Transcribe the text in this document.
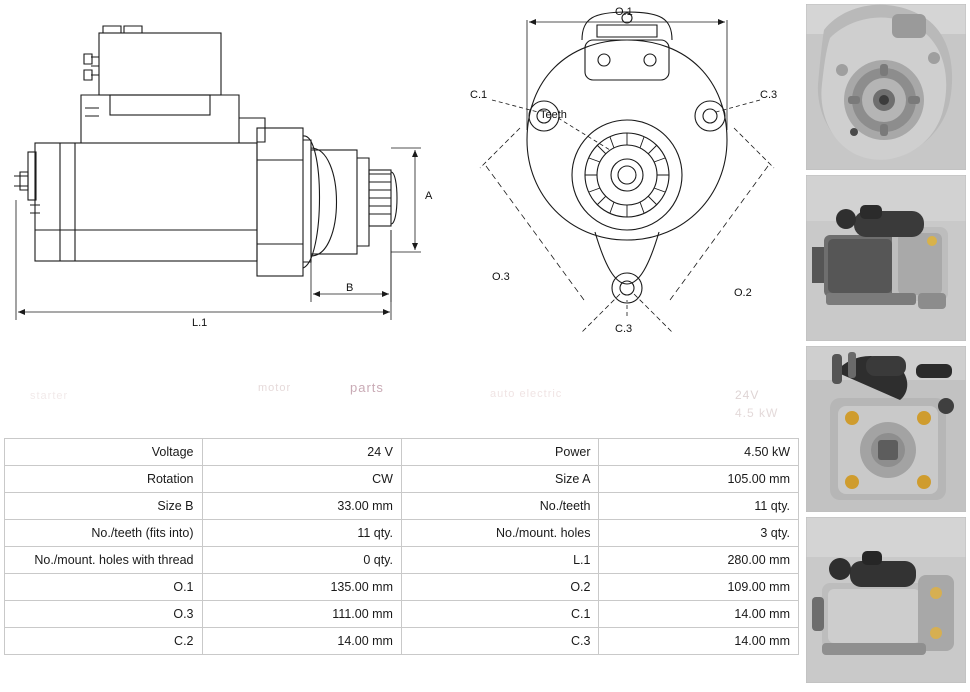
A
B
L.1
O.1
O.3
O.2
C.1	C.3
C.3
Teeth
starter
motor	parts	auto electric	24V
4.5 kW
Voltage	24 V	Power	4.50 kW
Rotation	CW	Size A	105.00 mm
Size B	33.00 mm	No./teeth	11 qty.
No./teeth (fits into)	11 qty.	No./mount. holes	3 qty.
No./mount. holes with thread	0 qty.	L.1	280.00 mm
O.1	135.00 mm	O.2	109.00 mm
O.3	111.00 mm	C.1	14.00 mm
C.2	14.00 mm	C.3	14.00 mm
